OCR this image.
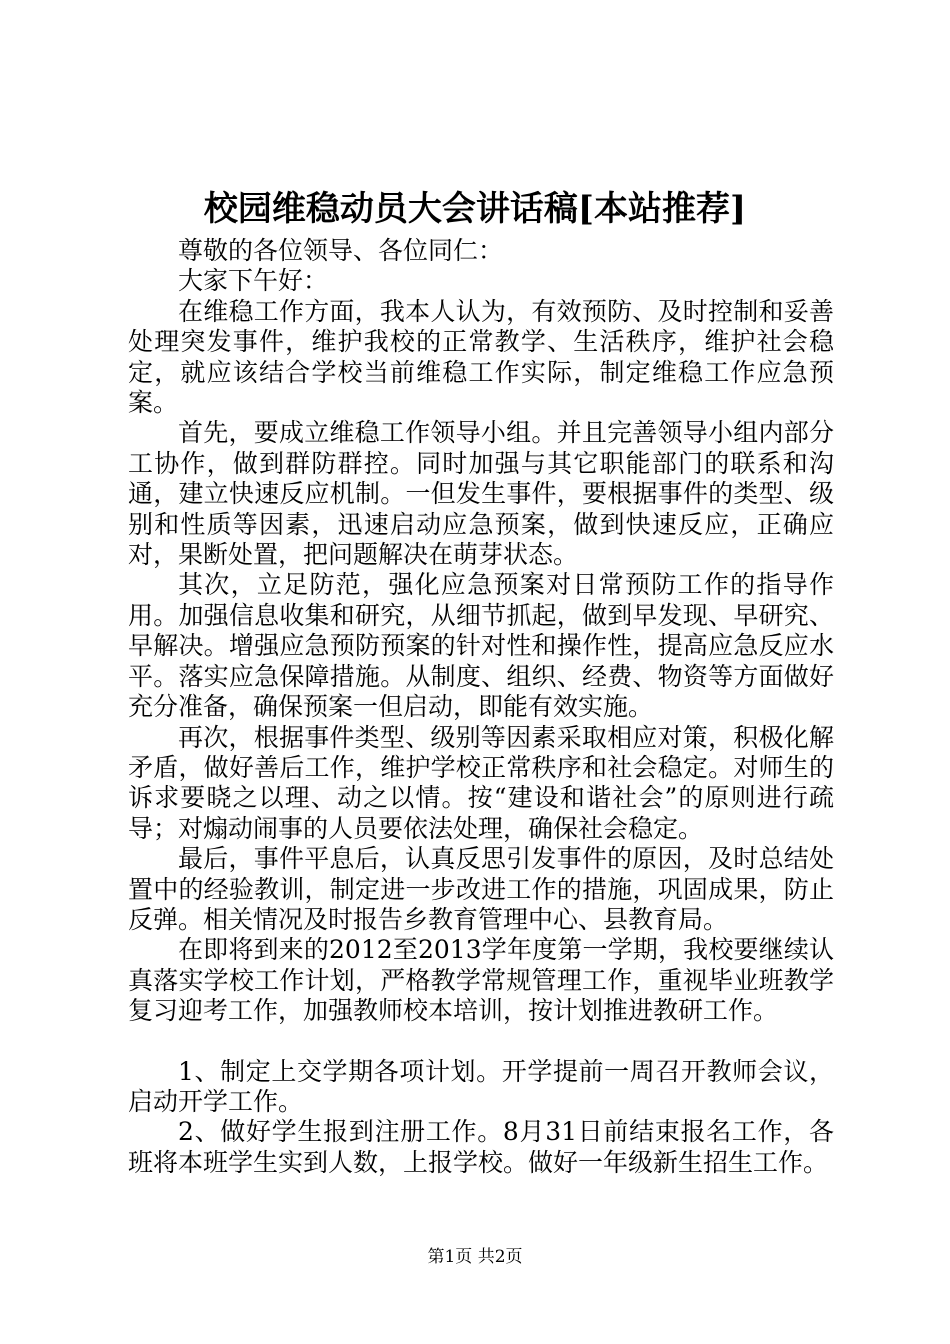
校园维稳动员大会讲话稿[本站推荐]

尊敬的各位领导、各位同仁：

大家下午好：

在维稳工作方面，我本人认为，有效预防、及时控制和妥善处理突发事件，维护我校的正常教学、生活秩序，维护社会稳定，就应该结合学校当前维稳工作实际，制定维稳工作应急预案。

首先，要成立维稳工作领导小组。并且完善领导小组内部分工协作，做到群防群控。同时加强与其它职能部门的联系和沟通，建立快速反应机制。一但发生事件，要根据事件的类型、级别和性质等因素，迅速启动应急预案，做到快速反应，正确应对，果断处置，把问题解决在萌芽状态。

其次，立足防范，强化应急预案对日常预防工作的指导作用。加强信息收集和研究，从细节抓起，做到早发现、早研究、早解决。增强应急预防预案的针对性和操作性，提高应急反应水平。落实应急保障措施。从制度、组织、经费、物资等方面做好充分准备，确保预案一但启动，即能有效实施。

再次，根据事件类型、级别等因素采取相应对策，积极化解矛盾，做好善后工作，维护学校正常秩序和社会稳定。对师生的诉求要晓之以理、动之以情。按“建设和谐社会”的原则进行疏导；对煽动闹事的人员要依法处理，确保社会稳定。

最后，事件平息后，认真反思引发事件的原因，及时总结处置中的经验教训，制定进一步改进工作的措施，巩固成果，防止反弹。相关情况及时报告乡教育管理中心、县教育局。

在即将到来的2012至2013学年度第一学期，我校要继续认真落实学校工作计划，严格教学常规管理工作，重视毕业班教学复习迎考工作，加强教师校本培训，按计划推进教研工作。

1、制定上交学期各项计划。开学提前一周召开教师会议，启动开学工作。

2、做好学生报到注册工作。8月31日前结束报名工作，各班将本班学生实到人数，上报学校。做好一年级新生招生工作。

第1页 共2页
